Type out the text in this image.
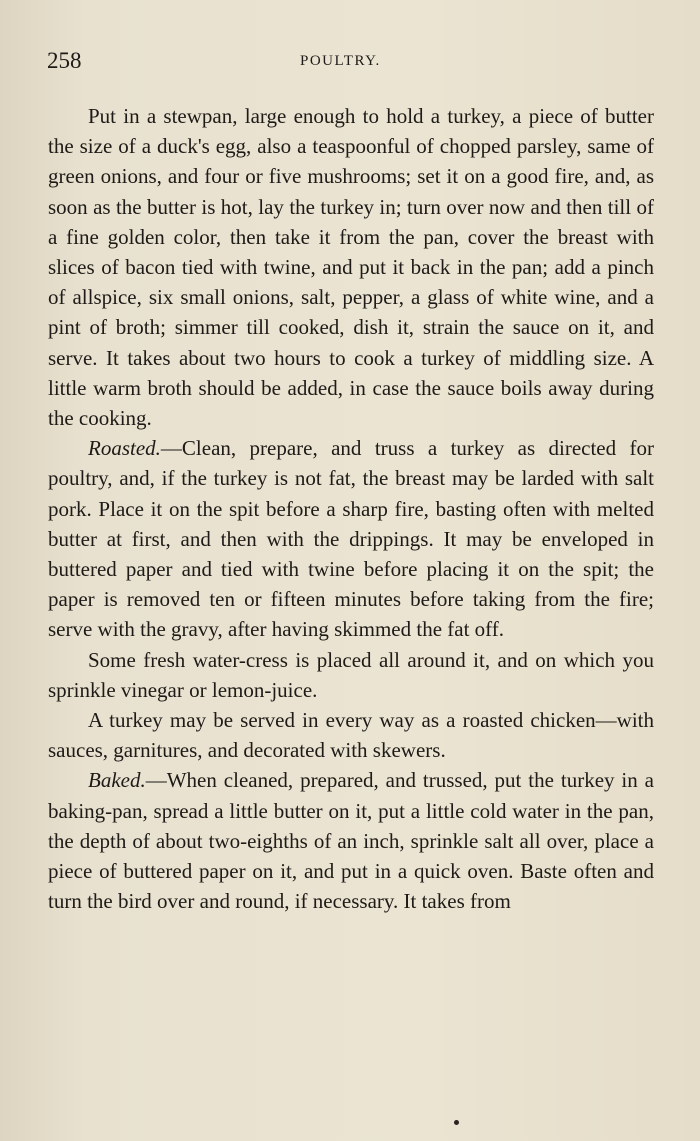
258	POULTRY.

Put in a stewpan, large enough to hold a turkey, a piece of butter the size of a duck's egg, also a teaspoonful of chopped parsley, same of green onions, and four or five mushrooms; set it on a good fire, and, as soon as the butter is hot, lay the turkey in; turn over now and then till of a fine golden color, then take it from the pan, cover the breast with slices of bacon tied with twine, and put it back in the pan; add a pinch of allspice, six small onions, salt, pepper, a glass of white wine, and a pint of broth; simmer till cooked, dish it, strain the sauce on it, and serve. It takes about two hours to cook a turkey of middling size. A little warm broth should be added, in case the sauce boils away during the cooking.

Roasted.—Clean, prepare, and truss a turkey as directed for poultry, and, if the turkey is not fat, the breast may be larded with salt pork. Place it on the spit before a sharp fire, basting often with melted butter at first, and then with the drippings. It may be enveloped in buttered paper and tied with twine before placing it on the spit; the paper is removed ten or fifteen minutes before taking from the fire; serve with the gravy, after having skimmed the fat off.

Some fresh water-cress is placed all around it, and on which you sprinkle vinegar or lemon-juice.

A turkey may be served in every way as a roasted chicken—with sauces, garnitures, and decorated with skewers.

Baked.—When cleaned, prepared, and trussed, put the turkey in a baking-pan, spread a little butter on it, put a little cold water in the pan, the depth of about two-eighths of an inch, sprinkle salt all over, place a piece of buttered paper on it, and put in a quick oven. Baste often and turn the bird over and round, if necessary. It takes from
